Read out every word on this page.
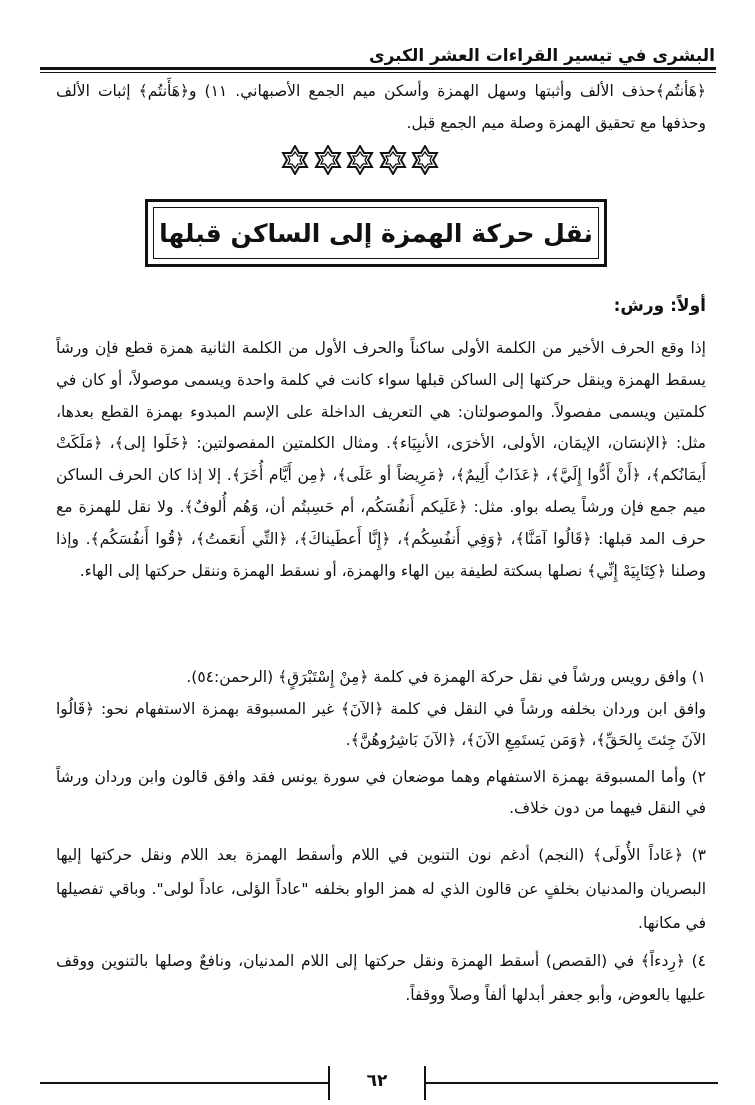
البشرى في تيسير القراءات العشر الكبرى
﴿هَأنتُم﴾حذف الألف وأثبتها وسهل الهمزة وأسكن ميم الجمع الأصبهاني. ١١) و﴿هَأَنتُم﴾ إثبات الألف وحذفها مع تحقيق الهمزة وصلة ميم الجمع قبل.
نقل حركة الهمزة إلى الساكن قبلها
أولاً: ورش:
إذا وقع الحرف الأخير من الكلمة الأولى ساكناً والحرف الأول من الكلمة الثانية همزة قطع فإن ورشاً يسقط الهمزة وينقل حركتها إلى الساكن قبلها سواء كانت في كلمة واحدة ويسمى موصولاً، أو كان في كلمتين ويسمى مفصولاً. والموصولتان: هي التعريف الداخلة على الإسم المبدوء بهمزة القطع بعدها، مثل: ﴿الإنسَان، الإيمَان، الأولى، الأخرَى، الأنبِيَاء﴾. ومثال الكلمتين المفصولتين: ﴿خَلَوا إلى﴾، ﴿مَلَكَتْ أَيمَانُكم﴾، ﴿أَنْ أَدُّوا إِلَيَّ﴾، ﴿عَذَابٌ أَلِيمٌ﴾، ﴿مَرِيضاً أو عَلَى﴾، ﴿مِن أَيَّام أُخَرَ﴾. إلا إذا كان الحرف الساكن ميم جمع فإن ورشاً يصله بواو. مثل: ﴿عَلَيكم أَنفُسَكُم، أم حَسِبتُم أن، وَهُم أُلوفٌ﴾. ولا نقل للهمزة مع حرف المد قبلها: ﴿قَالُوا آمَنَّا﴾، ﴿وَفِي أَنفُسِكُم﴾، ﴿إِنَّا أَعطَيناكَ﴾، ﴿التِّي أَنعَمتُ﴾، ﴿قُوا أَنفُسَكُم﴾. وإذا وصلنا ﴿كِتَابِيَهْ إِنِّي﴾ نصلها بسكتة لطيفة بين الهاء والهمزة، أو نسقط الهمزة وننقل حركتها إلى الهاء.
١) وافق رويس ورشاً في نقل حركة الهمزة في كلمة ﴿مِنْ إِسْتَبْرَقٍ﴾ (الرحمن:٥٤).
وافق ابن وردان بخلفه ورشاً في النقل في كلمة ﴿الآنَ﴾ غير المسبوقة بهمزة الاستفهام نحو: ﴿قَالُوا الآنَ جِئتَ بِالحَقِّ﴾، ﴿وَمَن يَستَمِعِ الآنَ﴾، ﴿الآنَ بَاشِرُوهُنَّ﴾.
٢) وأما المسبوقة بهمزة الاستفهام وهما موضعان في سورة يونس فقد وافق قالون وابن وردان ورشاً في النقل فيهما من دون خلاف.
٣) ﴿عَاداً الأُولَى﴾ (النجم) أدغم نون التنوين في اللام وأسقط الهمزة بعد اللام ونقل حركتها إليها البصريان والمدنيان بخلفٍ عن قالون الذي له همز الواو بخلفه "عاداً الؤلى، عاداً لولى". وباقي تفصيلها في مكانها.
٤) ﴿رِدءاً﴾ في (القصص) أسقط الهمزة ونقل حركتها إلى اللام المدنيان، ونافعٌ وصلها بالتنوين ووقف عليها بالعوض، وأبو جعفر أبدلها ألفاً وصلاً ووقفاً.
٦٢
